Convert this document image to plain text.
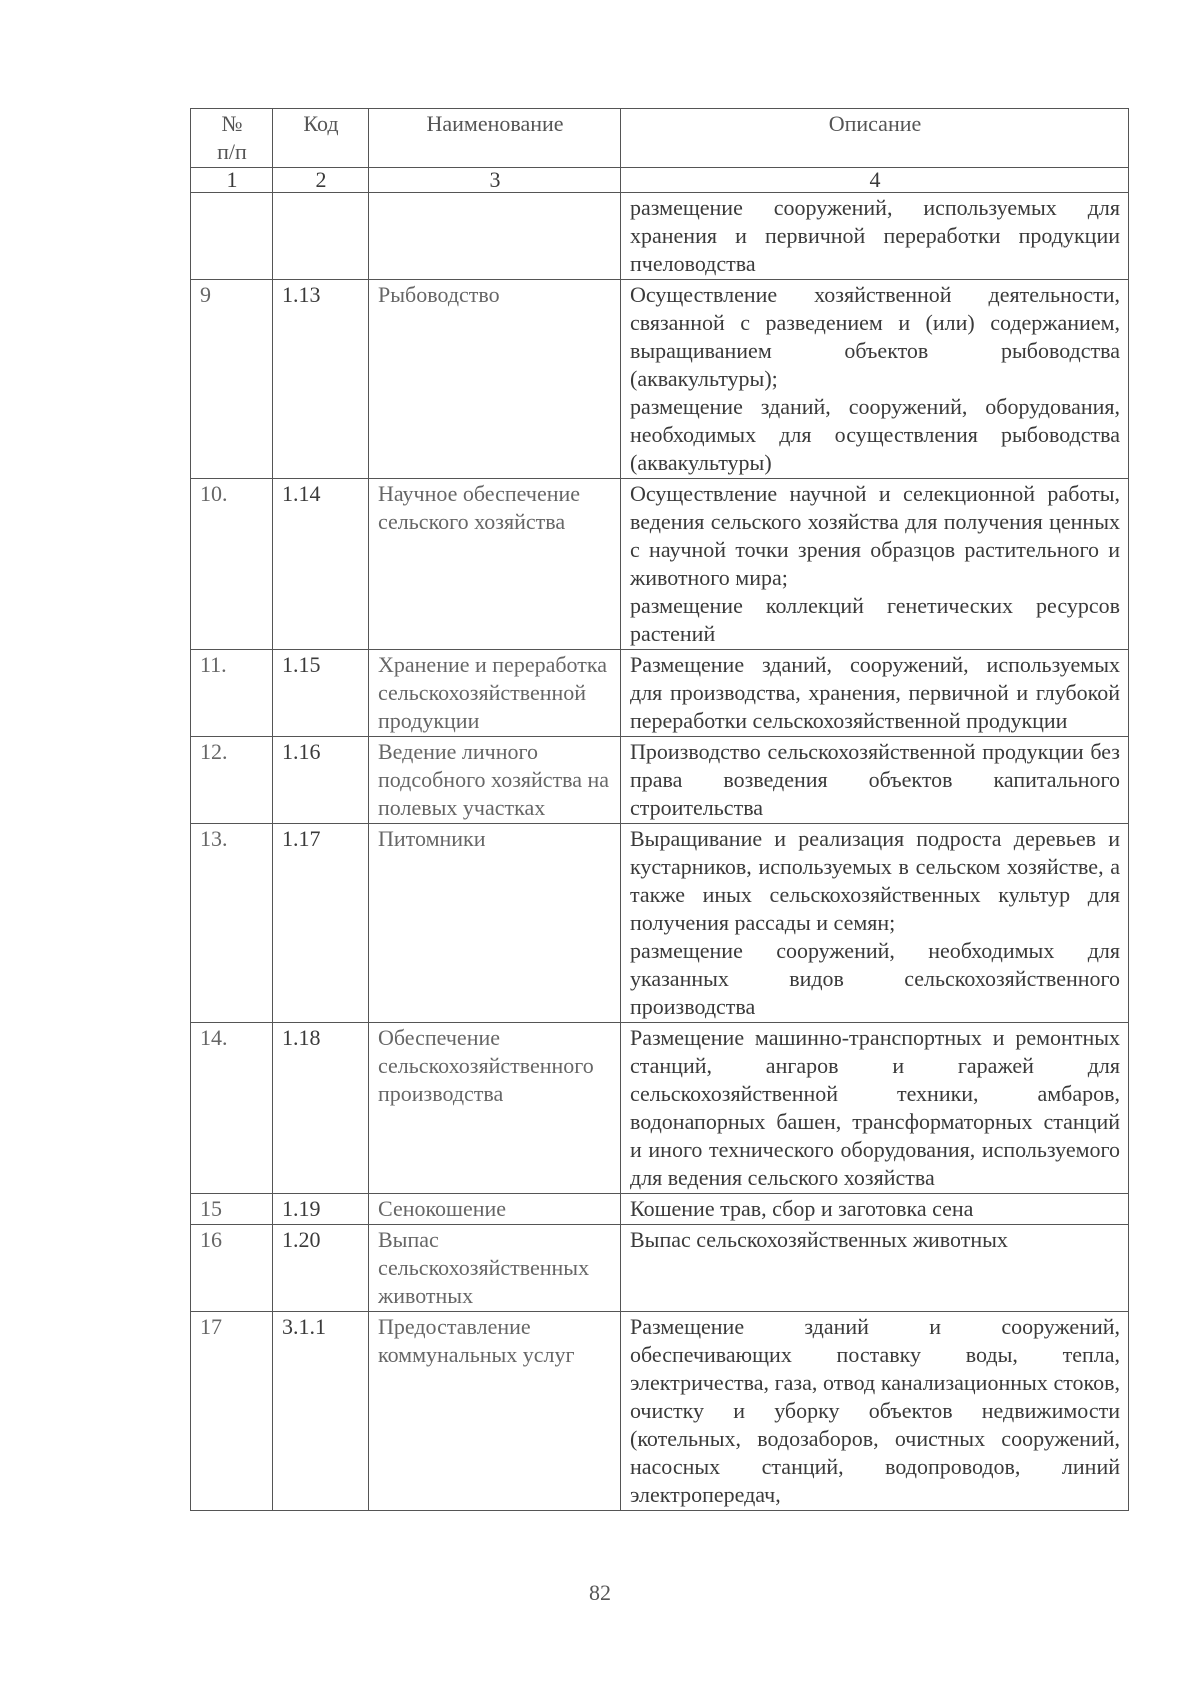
№
п/п	Код	Наименование	Описание
1	2	3	4
			размещение сооружений, используемых для хранения и первичной переработки продукции пчеловодства
9	1.13	Рыбоводство	Осуществление хозяйственной деятельности, связанной с разведением и (или) содержанием, выращиванием объектов рыбоводства (аквакультуры);
размещение зданий, сооружений, оборудования, необходимых для осуществления рыбоводства (аквакультуры)
10.	1.14	Научное обеспечение сельского хозяйства	Осуществление научной и селекционной работы, ведения сельского хозяйства для получения ценных с научной точки зрения образцов растительного и животного мира;
размещение коллекций генетических ресурсов растений
11.	1.15	Хранение и переработка сельскохозяйственной продукции	Размещение зданий, сооружений, используемых для производства, хранения, первичной и глубокой переработки сельскохозяйственной продукции
12.	1.16	Ведение личного подсобного хозяйства на полевых участках	Производство сельскохозяйственной продукции без права возведения объектов капитального строительства
13.	1.17	Питомники	Выращивание и реализация подроста деревьев и кустарников, используемых в сельском хозяйстве, а также иных сельскохозяйственных культур для получения рассады и семян;
размещение сооружений, необходимых для указанных видов сельскохозяйственного производства
14.	1.18	Обеспечение сельскохозяйственного производства	Размещение машинно-транспортных и ремонтных станций, ангаров и гаражей для сельскохозяйственной техники, амбаров, водонапорных башен, трансформаторных станций и иного технического оборудования, используемого для ведения сельского хозяйства
15	1.19	Сенокошение	Кошение трав, сбор и заготовка сена
16	1.20	Выпас сельскохозяйственных животных	Выпас сельскохозяйственных животных
17	3.1.1	Предоставление коммунальных услуг	Размещение зданий и сооружений, обеспечивающих поставку воды, тепла, электричества, газа, отвод канализационных стоков, очистку и уборку объектов недвижимости (котельных, водозаборов, очистных сооружений, насосных станций, водопроводов, линий электропередач,
82
